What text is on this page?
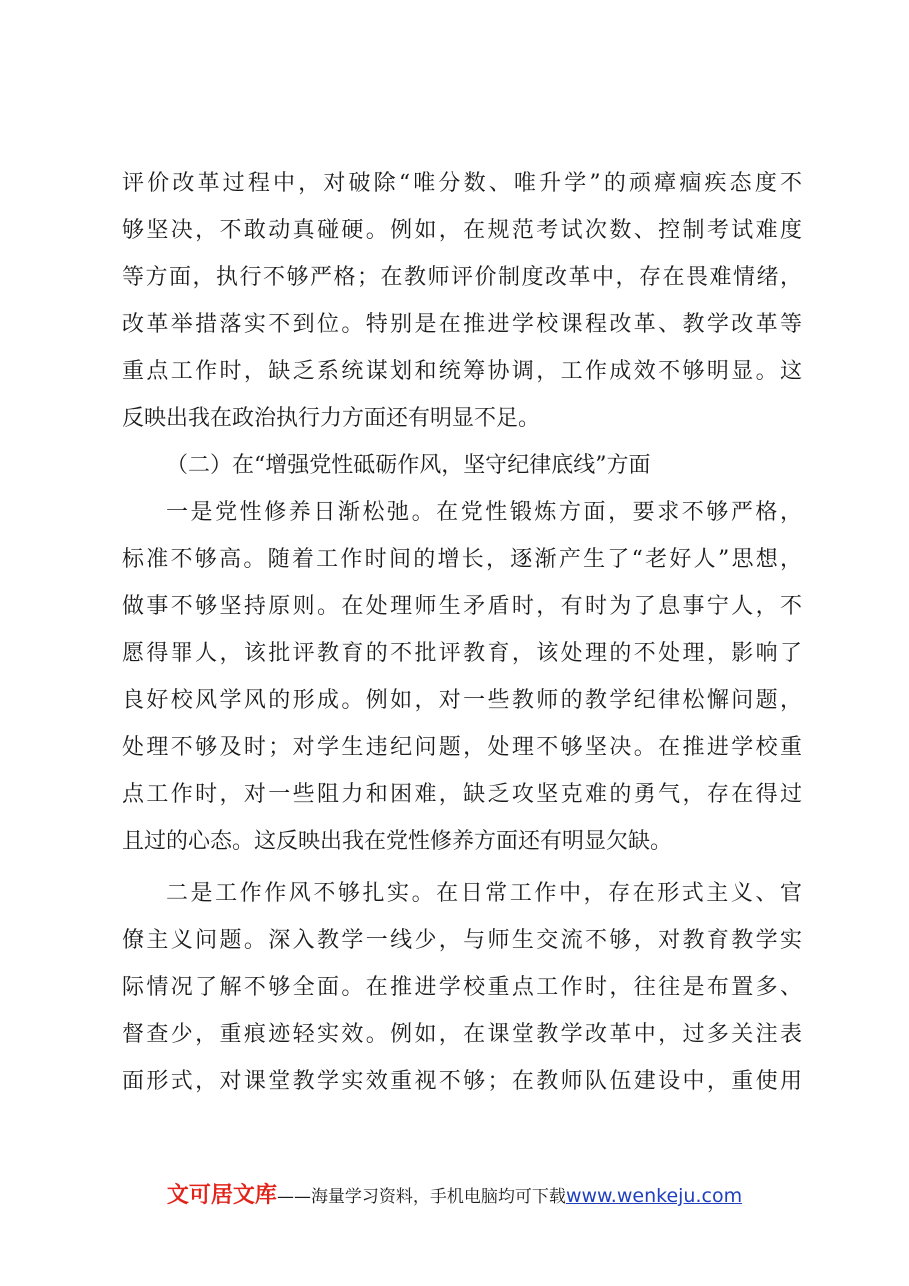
评价改革过程中，对破除“唯分数、唯升学”的顽瘴痼疾态度不
够坚决，不敢动真碰硬。例如，在规范考试次数、控制考试难度
等方面，执行不够严格；在教师评价制度改革中，存在畏难情绪，
改革举措落实不到位。特别是在推进学校课程改革、教学改革等
重点工作时，缺乏系统谋划和统筹协调，工作成效不够明显。这
反映出我在政治执行力方面还有明显不足。
（二）在“增强党性砥砺作风，坚守纪律底线”方面
一是党性修养日渐松弛。在党性锻炼方面，要求不够严格，
标准不够高。随着工作时间的增长，逐渐产生了“老好人”思想，
做事不够坚持原则。在处理师生矛盾时，有时为了息事宁人，不
愿得罪人，该批评教育的不批评教育，该处理的不处理，影响了
良好校风学风的形成。例如，对一些教师的教学纪律松懈问题，
处理不够及时；对学生违纪问题，处理不够坚决。在推进学校重
点工作时，对一些阻力和困难，缺乏攻坚克难的勇气，存在得过
且过的心态。这反映出我在党性修养方面还有明显欠缺。
二是工作作风不够扎实。在日常工作中，存在形式主义、官
僚主义问题。深入教学一线少，与师生交流不够，对教育教学实
际情况了解不够全面。在推进学校重点工作时，往往是布置多、
督查少，重痕迹轻实效。例如，在课堂教学改革中，过多关注表
面形式，对课堂教学实效重视不够；在教师队伍建设中，重使用
文可居文库——海量学习资料，手机电脑均可下载www.wenkeju.com
